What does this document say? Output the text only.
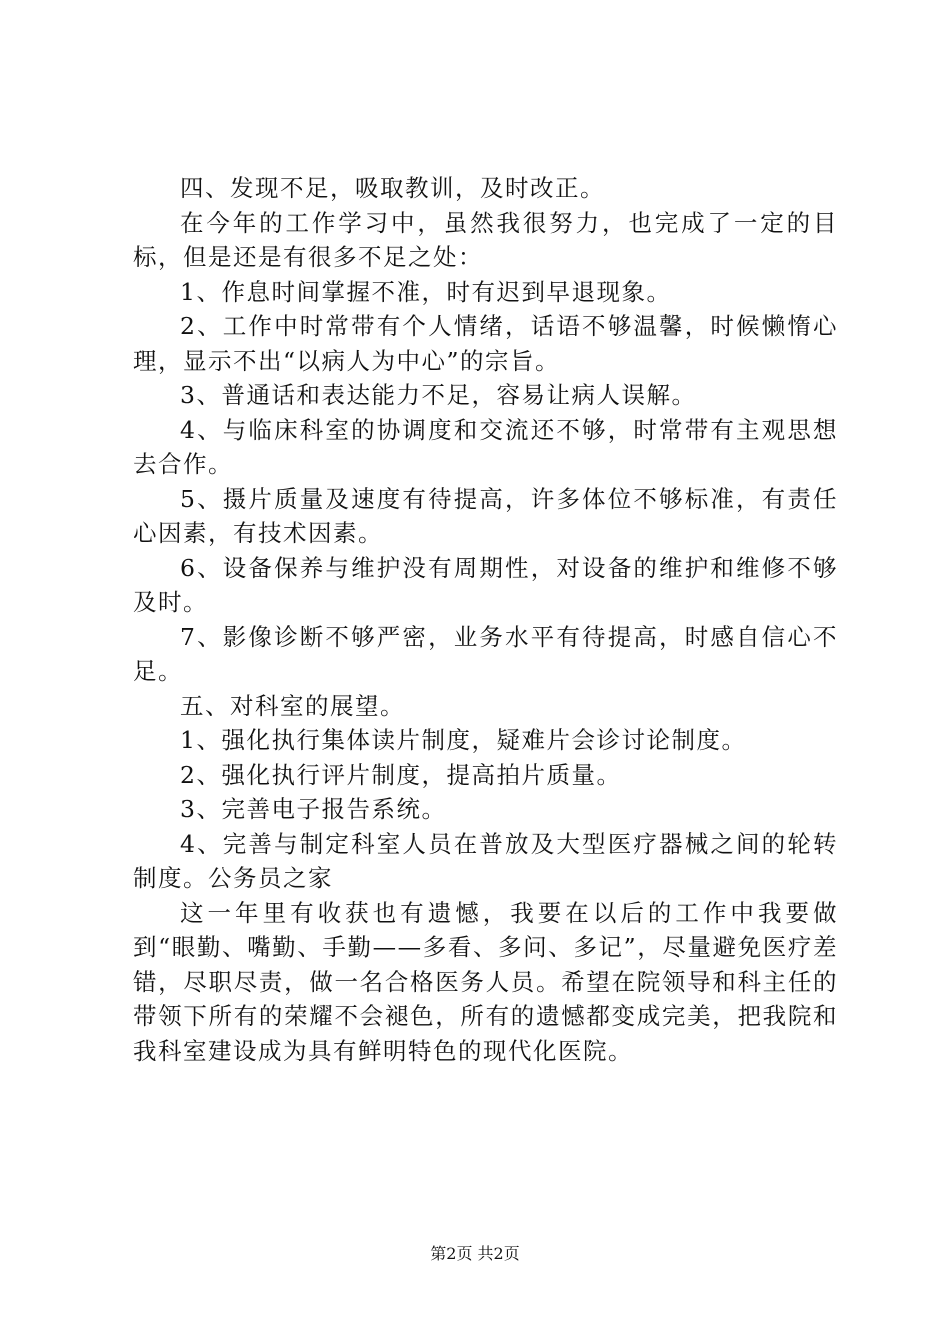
四、发现不足，吸取教训，及时改正。

在今年的工作学习中，虽然我很努力，也完成了一定的目标，但是还是有很多不足之处：

1、作息时间掌握不准，时有迟到早退现象。

2、工作中时常带有个人情绪，话语不够温馨，时候懒惰心理，显示不出“以病人为中心”的宗旨。

3、普通话和表达能力不足，容易让病人误解。

4、与临床科室的协调度和交流还不够，时常带有主观思想去合作。

5、摄片质量及速度有待提高，许多体位不够标准，有责任心因素，有技术因素。

6、设备保养与维护没有周期性，对设备的维护和维修不够及时。

7、影像诊断不够严密，业务水平有待提高，时感自信心不足。

五、对科室的展望。

1、强化执行集体读片制度，疑难片会诊讨论制度。

2、强化执行评片制度，提高拍片质量。

3、完善电子报告系统。

4、完善与制定科室人员在普放及大型医疗器械之间的轮转制度。公务员之家

这一年里有收获也有遗憾，我要在以后的工作中我要做到“眼勤、嘴勤、手勤——多看、多问、多记”，尽量避免医疗差错，尽职尽责，做一名合格医务人员。希望在院领导和科主任的带领下所有的荣耀不会褪色，所有的遗憾都变成完美，把我院和我科室建设成为具有鲜明特色的现代化医院。

第2页 共2页
